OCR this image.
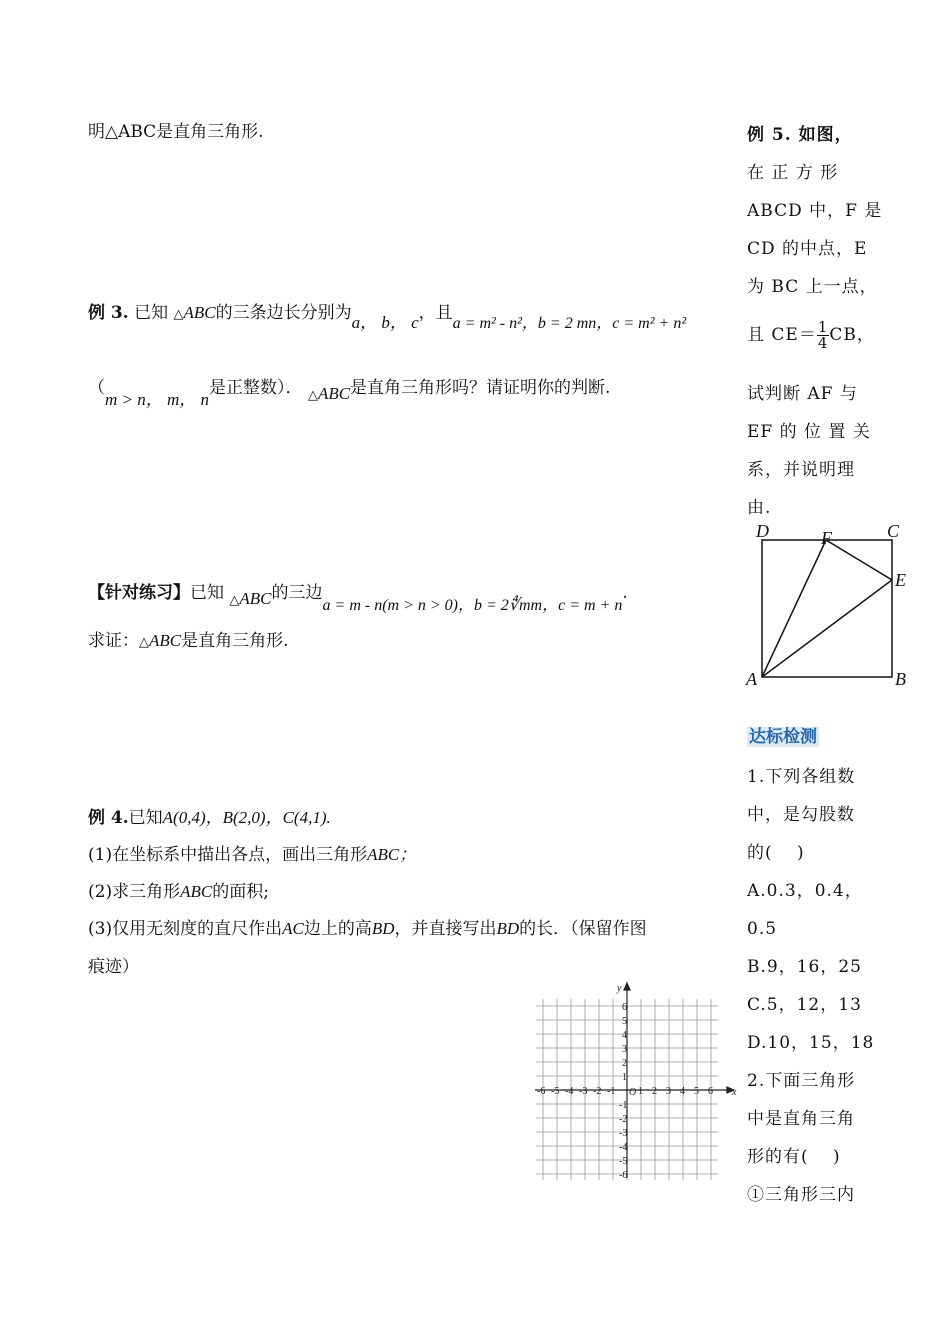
明△ABC是直角三角形.
例 3. 已知 △ABC的三条边长分别为a， b， c，且a = m² - n²，b = 2 mn，c = m² + n²
（m > n， m， n是正整数）． $_\triangle$ABC是直角三角形吗？请证明你的判断.
【针对练习】已知 $_\triangle$ABC的三边a = m - n(m > n > 0)，b = 2∜mm，c = m + n.
求证：△ABC是直角三角形.
例 4.已知A(0,4)，B(2,0)，C(4,1).
(1)在坐标系中描出各点，画出三角形ABC；
(2)求三角形ABC的面积;
(3)仅用无刻度的直尺作出AC边上的高BD，并直接写出BD的长．（保留作图
痕迹）
-6 -5 -4 -3 -2 -1 1 2 3 4 5 6
6
5
4
3
2
1
-1
-2
-3
-4
-5
-6
O	x
y
例 5. 如图，
在 正 方 形
ABCD 中，F 是
CD 的中点，E
为 BC 上一点，
且 $CE= \frac{1}{4}$ CB，
试判断 AF 与
EF 的 位 置 关
系，并说明理
由.
D	F	C
E
A	B
达标检测
1.下列各组数
中，是勾股数
的(　 )
A.0.3，0.4，
0.5
B.9，16，25
C.5，12，13
D.10，15，18
2.下面三角形
中是直角三角
形的有(　 )
①三角形三内
